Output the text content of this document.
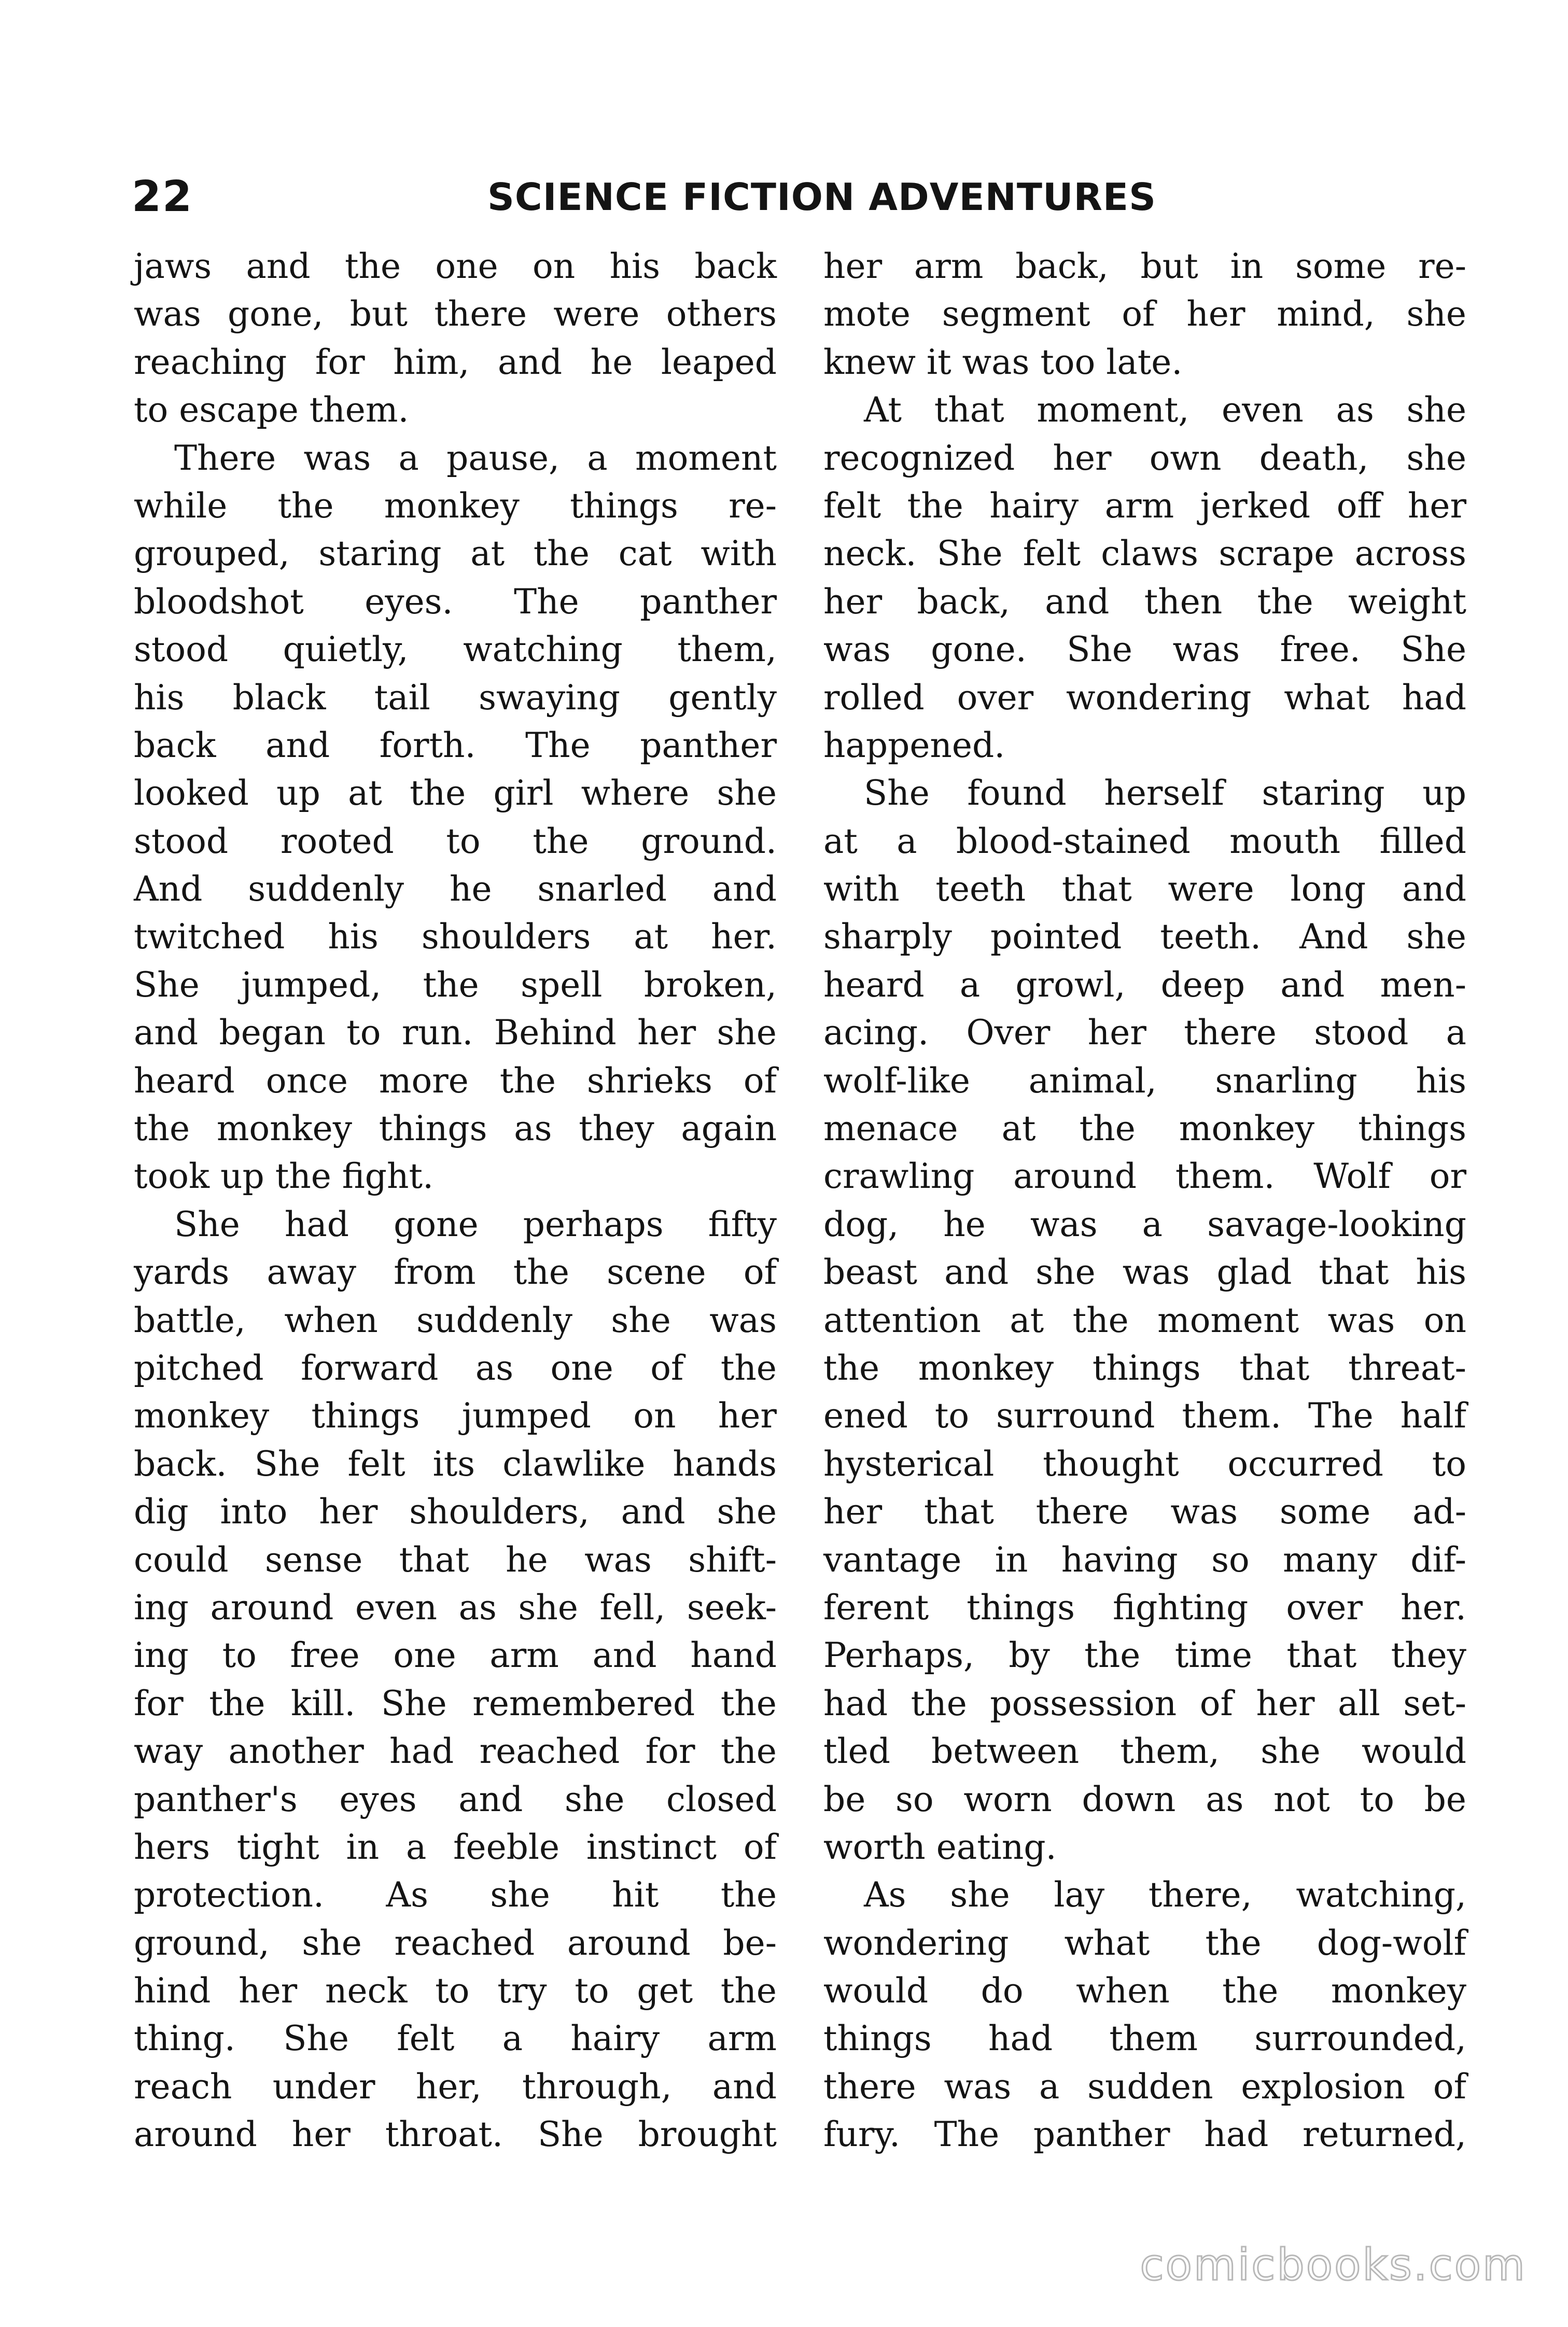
22	SCIENCE FICTION ADVENTURES
jaws and the one on his back
was gone, but there were others
reaching for him, and he leaped
to escape them.
There was a pause, a moment
while the monkey things re-
grouped, staring at the cat with
bloodshot eyes. The panther
stood quietly, watching them,
his black tail swaying gently
back and forth. The panther
looked up at the girl where she
stood rooted to the ground.
And suddenly he snarled and
twitched his shoulders at her.
She jumped, the spell broken,
and began to run. Behind her she
heard once more the shrieks of
the monkey things as they again
took up the fight.
She had gone perhaps fifty
yards away from the scene of
battle, when suddenly she was
pitched forward as one of the
monkey things jumped on her
back. She felt its clawlike hands
dig into her shoulders, and she
could sense that he was shift-
ing around even as she fell, seek-
ing to free one arm and hand
for the kill. She remembered the
way another had reached for the
panther's eyes and she closed
hers tight in a feeble instinct of
protection. As she hit the
ground, she reached around be-
hind her neck to try to get the
thing. She felt a hairy arm
reach under her, through, and
around her throat. She brought
her arm back, but in some re-
mote segment of her mind, she
knew it was too late.
At that moment, even as she
recognized her own death, she
felt the hairy arm jerked off her
neck. She felt claws scrape across
her back, and then the weight
was gone. She was free. She
rolled over wondering what had
happened.
She found herself staring up
at a blood-stained mouth filled
with teeth that were long and
sharply pointed teeth. And she
heard a growl, deep and men-
acing. Over her there stood a
wolf-like animal, snarling his
menace at the monkey things
crawling around them. Wolf or
dog, he was a savage-looking
beast and she was glad that his
attention at the moment was on
the monkey things that threat-
ened to surround them. The half
hysterical thought occurred to
her that there was some ad-
vantage in having so many dif-
ferent things fighting over her.
Perhaps, by the time that they
had the possession of her all set-
tled between them, she would
be so worn down as not to be
worth eating.
As she lay there, watching,
wondering what the dog-wolf
would do when the monkey
things had them surrounded,
there was a sudden explosion of
fury. The panther had returned,
comicbooks.com
